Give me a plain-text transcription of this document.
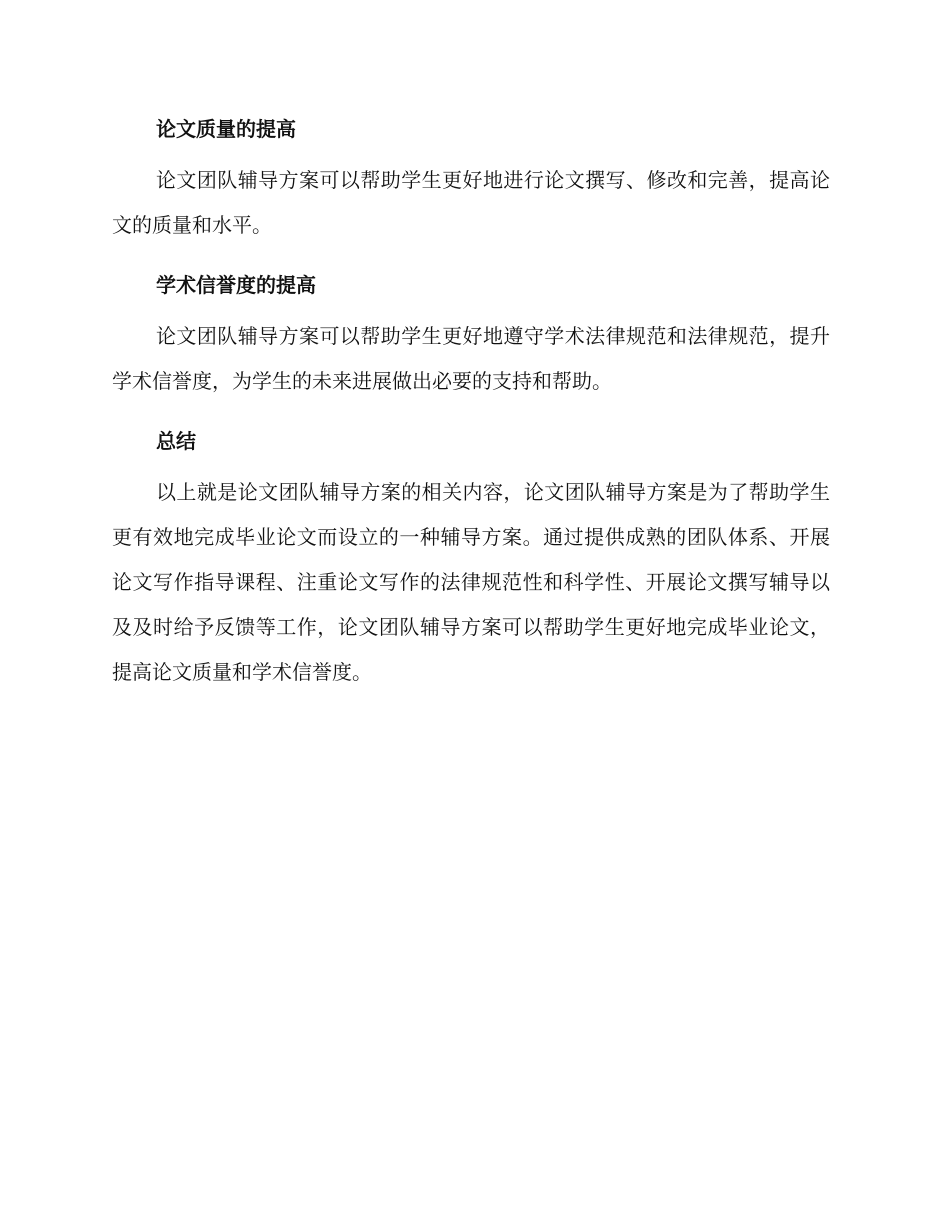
论文质量的提高

论文团队辅导方案可以帮助学生更好地进行论文撰写、修改和完善，提高论文的质量和水平。

学术信誉度的提高

论文团队辅导方案可以帮助学生更好地遵守学术法律规范和法律规范，提升学术信誉度，为学生的未来进展做出必要的支持和帮助。

总结

以上就是论文团队辅导方案的相关内容，论文团队辅导方案是为了帮助学生更有效地完成毕业论文而设立的一种辅导方案。通过提供成熟的团队体系、开展论文写作指导课程、注重论文写作的法律规范性和科学性、开展论文撰写辅导以及及时给予反馈等工作，论文团队辅导方案可以帮助学生更好地完成毕业论文，提高论文质量和学术信誉度。
